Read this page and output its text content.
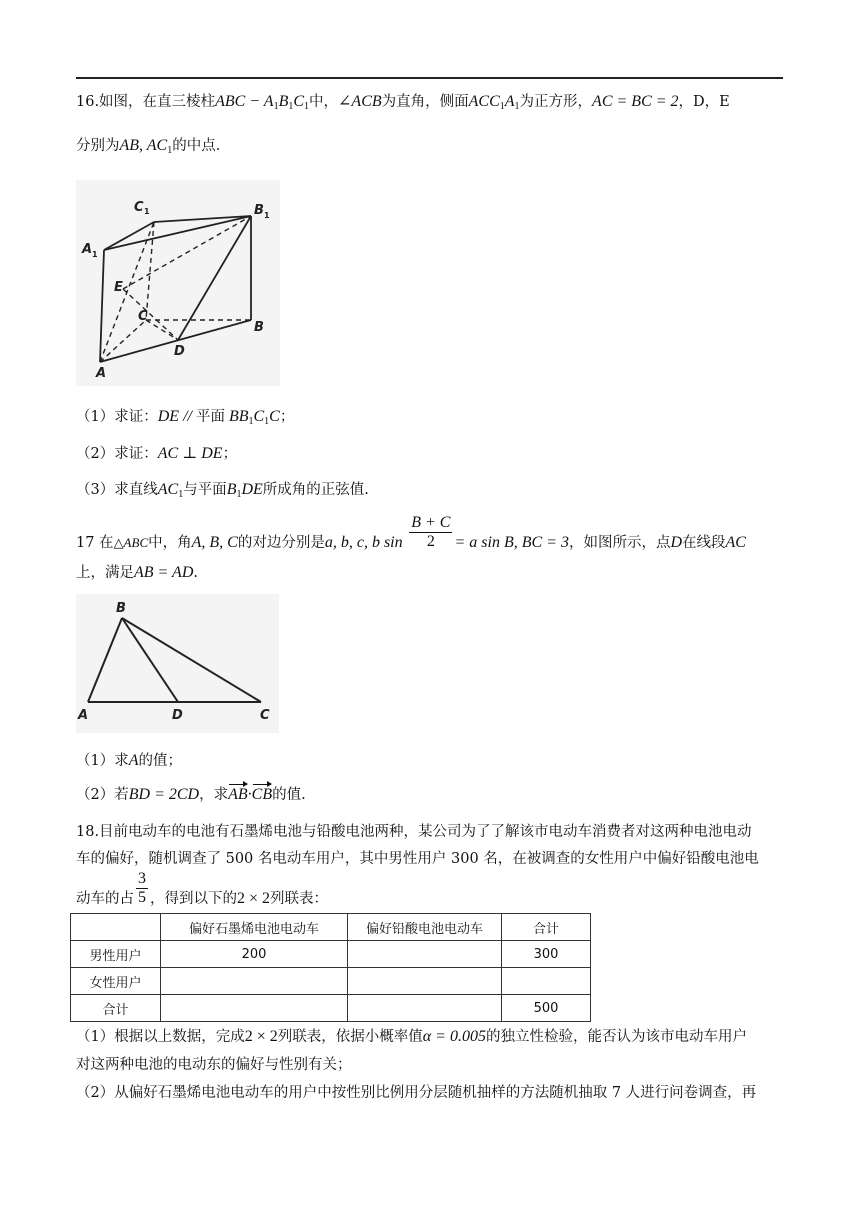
16.如图，在直三棱柱ABC − $A_1B_1C_1$中，∠ACB为直角，侧面$ACC_1A_1$为正方形，AC = BC = 2，D，E
分别为AB, $AC_1$的中点.
C 1	B 1
A 1
E
C
B
D
A
（1）求证：DE // 平面 $BB_1C_1C$；
（2）求证：AC ⊥ DE；
（3）求直线$AC_1$与平面$B_1DE$所成角的正弦值.
17 在△ABC中，角A, B, C的对边分别是a, b, c, b $\sin \frac{B + C}{2} = a$ sin B, BC = 3，如图所示，点D在线段AC
上，满足AB = AD.
B
A	D	C
（1）求A的值；
（2）若BD = 2CD，求AB·CB的值.
18.目前电动车的电池有石墨烯电池与铅酸电池两种，某公司为了了解该市电动车消费者对这两种电池电动
车的偏好，随机调查了 500 名电动车用户，其中男性用户 300 名，在被调查的女性用户中偏好铅酸电池电
动车的占 $\frac{3}{5}$ ，得到以下的2 × 2列联表：
	偏好石墨烯电池电动车	偏好铅酸电池电动车	合计
男性用户	200		300
女性用户			
合计			500
（1）根据以上数据，完成2 × 2列联表，依据小概率值α = 0.005的独立性检验，能否认为该市电动车用户
对这两种电池的电动东的偏好与性别有关；
（2）从偏好石墨烯电池电动车的用户中按性别比例用分层随机抽样的方法随机抽取 7 人进行问卷调查，再
